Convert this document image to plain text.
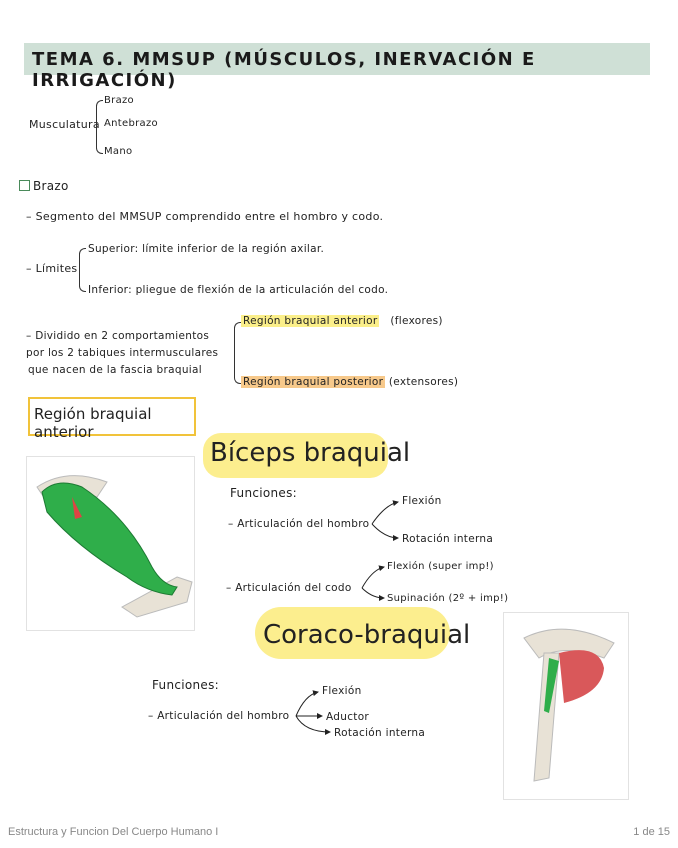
TEMA 6. MMSUP (MÚSCULOS, INERVACIÓN E IRRIGACIÓN)
Musculatura
Brazo
Antebrazo
Mano
Brazo
– Segmento del MMSUP comprendido entre el hombro y codo.
– Límites
Superior: límite inferior de la región axilar.
Inferior: pliegue de flexión de la articulación del codo.
– Dividido en 2 comportamientos
por los 2 tabiques intermusculares
que nacen de la fascia braquial
Región braquial anterior (flexores)
Región braquial posterior (extensores)
Región braquial anterior
Bíceps braquial
Funciones:
– Articulación del hombro
Flexión
Rotación interna
– Articulación del codo
Flexión (super imp!)
Supinación (2º + imp!)
Coraco-braquial
Funciones:
– Articulación del hombro
Flexión
Aductor
Rotación interna
Estructura y Funcion Del Cuerpo Humano I	1 de 15
